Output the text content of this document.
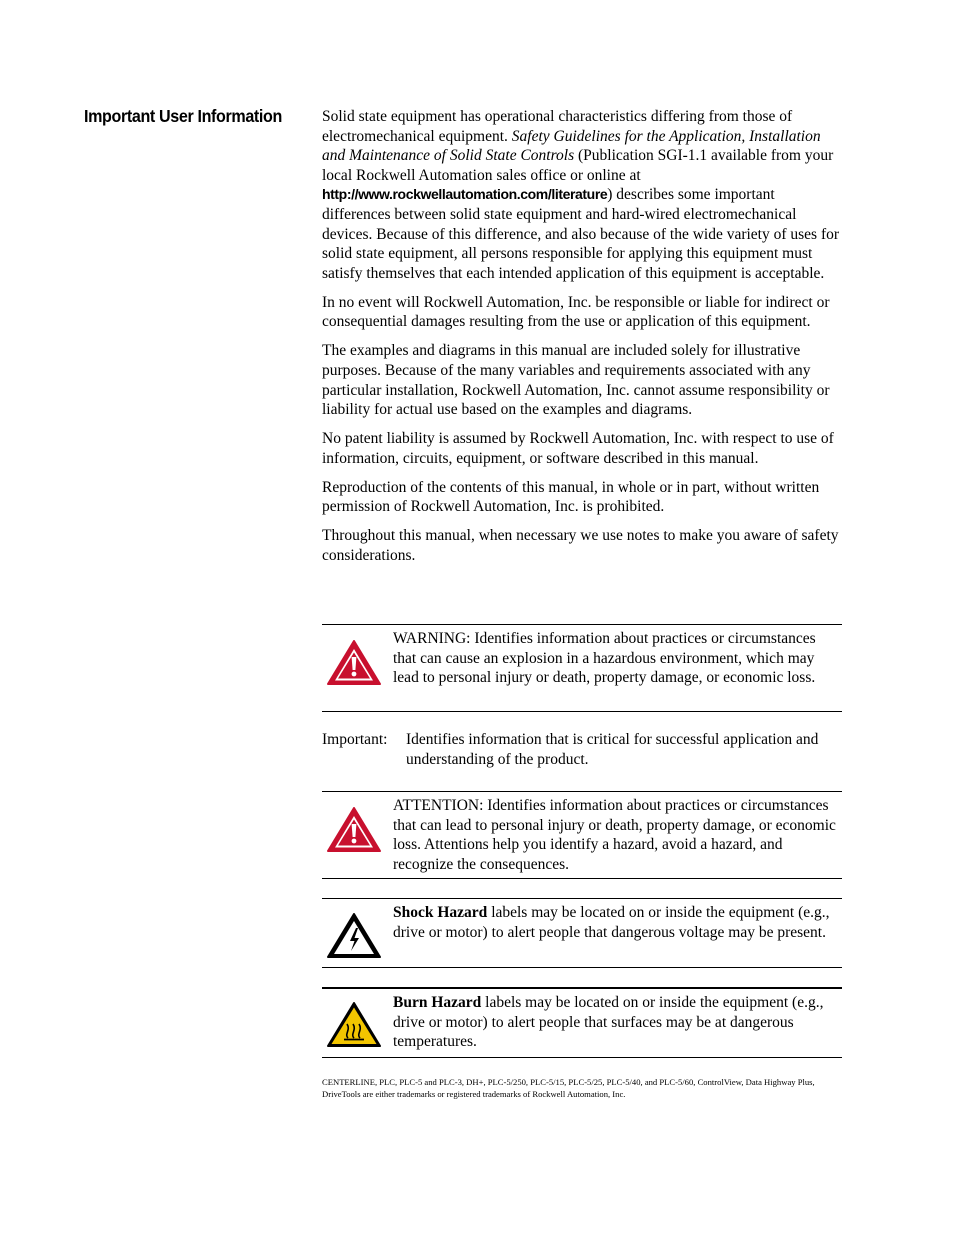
Important User Information	Solid state equipment has operational characteristics differing from those of electromechanical equipment. Safety Guidelines for the Application, Installation and Maintenance of Solid State Controls (Publication SGI-1.1 available from your local Rockwell Automation sales office or online at http://www.rockwellautomation.com/literature) describes some important differences between solid state equipment and hard-wired electromechanical devices. Because of this difference, and also because of the wide variety of uses for solid state equipment, all persons responsible for applying this equipment must satisfy themselves that each intended application of this equipment is acceptable.

In no event will Rockwell Automation, Inc. be responsible or liable for indirect or consequential damages resulting from the use or application of this equipment.

The examples and diagrams in this manual are included solely for illustrative purposes. Because of the many variables and requirements associated with any particular installation, Rockwell Automation, Inc. cannot assume responsibility or liability for actual use based on the examples and diagrams.

No patent liability is assumed by Rockwell Automation, Inc. with respect to use of information, circuits, equipment, or software described in this manual.

Reproduction of the contents of this manual, in whole or in part, without written permission of Rockwell Automation, Inc. is prohibited.

Throughout this manual, when necessary we use notes to make you aware of safety considerations.

WARNING: Identifies information about practices or circumstances that can cause an explosion in a hazardous environment, which may lead to personal injury or death, property damage, or economic loss.
Important: Identifies information that is critical for successful application and understanding of the product.
ATTENTION: Identifies information about practices or circumstances that can lead to personal injury or death, property damage, or economic loss. Attentions help you identify a hazard, avoid a hazard, and recognize the consequences.
Shock Hazard labels may be located on or inside the equipment (e.g., drive or motor) to alert people that dangerous voltage may be present.
Burn Hazard labels may be located on or inside the equipment (e.g., drive or motor) to alert people that surfaces may be at dangerous temperatures.
CENTERLINE, PLC, PLC-5 and PLC-3, DH+, PLC-5/250, PLC-5/15, PLC-5/25, PLC-5/40, and PLC-5/60, ControlView, Data Highway Plus, DriveTools are either trademarks or registered trademarks of Rockwell Automation, Inc.
